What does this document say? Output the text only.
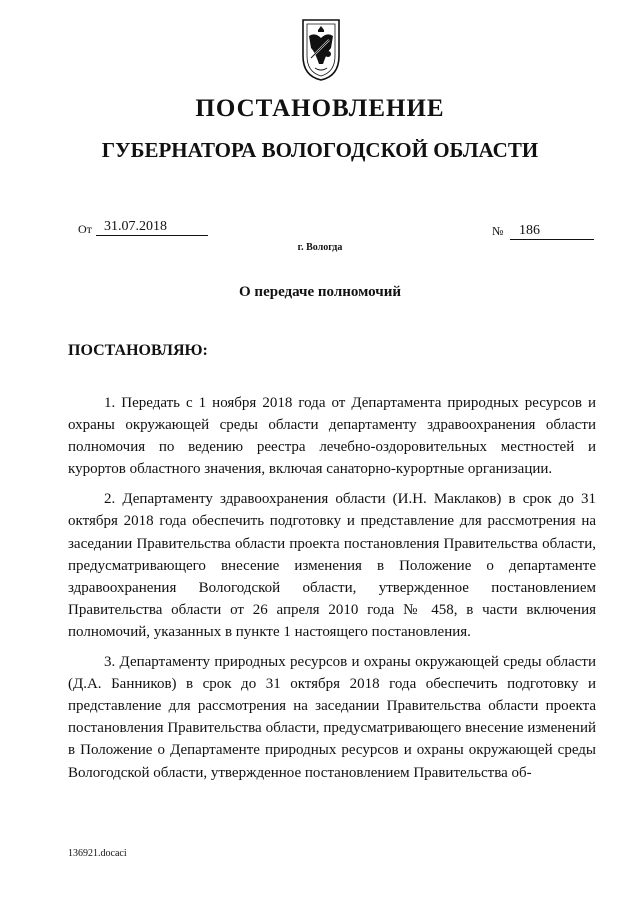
ПОСТАНОВЛЕНИЕ
ГУБЕРНАТОРА ВОЛОГОДСКОЙ ОБЛАСТИ
От 31.07.2018	№	186
г. Вологда
О передаче полномочий
ПОСТАНОВЛЯЮ:

1. Передать с 1 ноября 2018 года от Департамента природных ресурсов и охраны окружающей среды области департаменту здравоохранения области полномочия по ведению реестра лечебно-оздоровительных местностей и курортов областного значения, включая санаторно-курортные организации.

2. Департаменту здравоохранения области (И.Н. Маклаков) в срок до 31 октября 2018 года обеспечить подготовку и представление для рассмотрения на заседании Правительства области проекта постановления Правительства области, предусматривающего внесение изменения в Положение о департаменте здравоохранения Вологодской области, утвержденное постановлением Правительства области от 26 апреля 2010 года № 458, в части включения полномочий, указанных в пункте 1 настоящего постановления.

3. Департаменту природных ресурсов и охраны окружающей среды области (Д.А. Банников) в срок до 31 октября 2018 года обеспечить подготовку и представление для рассмотрения на заседании Правительства области проекта постановления Правительства области, предусматривающего внесение изменений в Положение о Департаменте природных ресурсов и охраны окружающей среды Вологодской области, утвержденное постановлением Правительства об-

136921.docaci
